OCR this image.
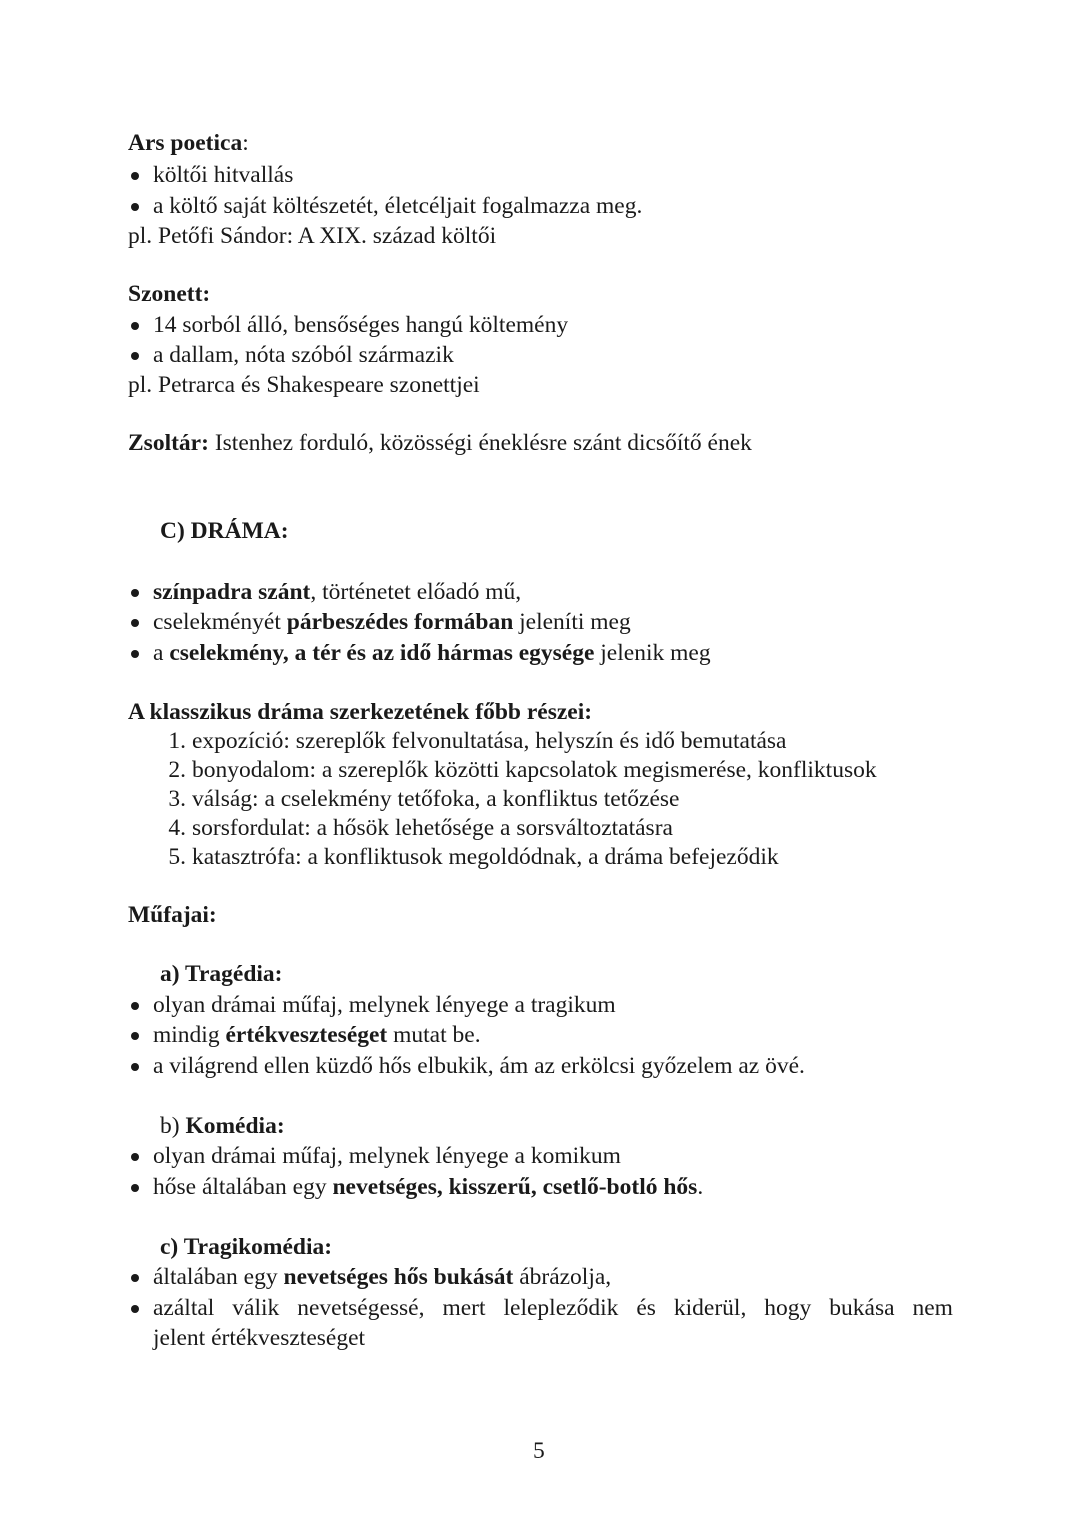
Ars poetica:
költői hitvallás
a költő saját költészetét, életcéljait fogalmazza meg.
pl. Petőfi Sándor: A XIX. század költői
Szonett:
14 sorból álló, bensőséges hangú költemény
a dallam, nóta szóból származik
pl. Petrarca és Shakespeare szonettjei
Zsoltár: Istenhez forduló, közösségi éneklésre szánt dicsőítő ének
C) DRÁMA:
színpadra szánt, történetet előadó mű,
cselekményét párbeszédes formában jeleníti meg
a cselekmény, a tér és az idő hármas egysége jelenik meg
A klasszikus dráma szerkezetének főbb részei:
1. expozíció: szereplők felvonultatása, helyszín és idő bemutatása
2. bonyodalom: a szereplők közötti kapcsolatok megismerése, konfliktusok
3. válság: a cselekmény tetőfoka, a konfliktus tetőzése
4. sorsfordulat: a hősök lehetősége a sorsváltoztatásra
5. katasztrófa: a konfliktusok megoldódnak, a dráma befejeződik
Műfajai:
a) Tragédia:
olyan drámai műfaj, melynek lényege a tragikum
mindig értékveszteséget mutat be.
a világrend ellen küzdő hős elbukik, ám az erkölcsi győzelem az övé.
b) Komédia:
olyan drámai műfaj, melynek lényege a komikum
hőse általában egy nevetséges, kisszerű, csetlő-botló hős.
c) Tragikomédia:
általában egy nevetséges hős bukását ábrázolja,
azáltal válik nevetségessé, mert lelepleződik és kiderül, hogy bukása nem
jelent értékveszteséget
5
